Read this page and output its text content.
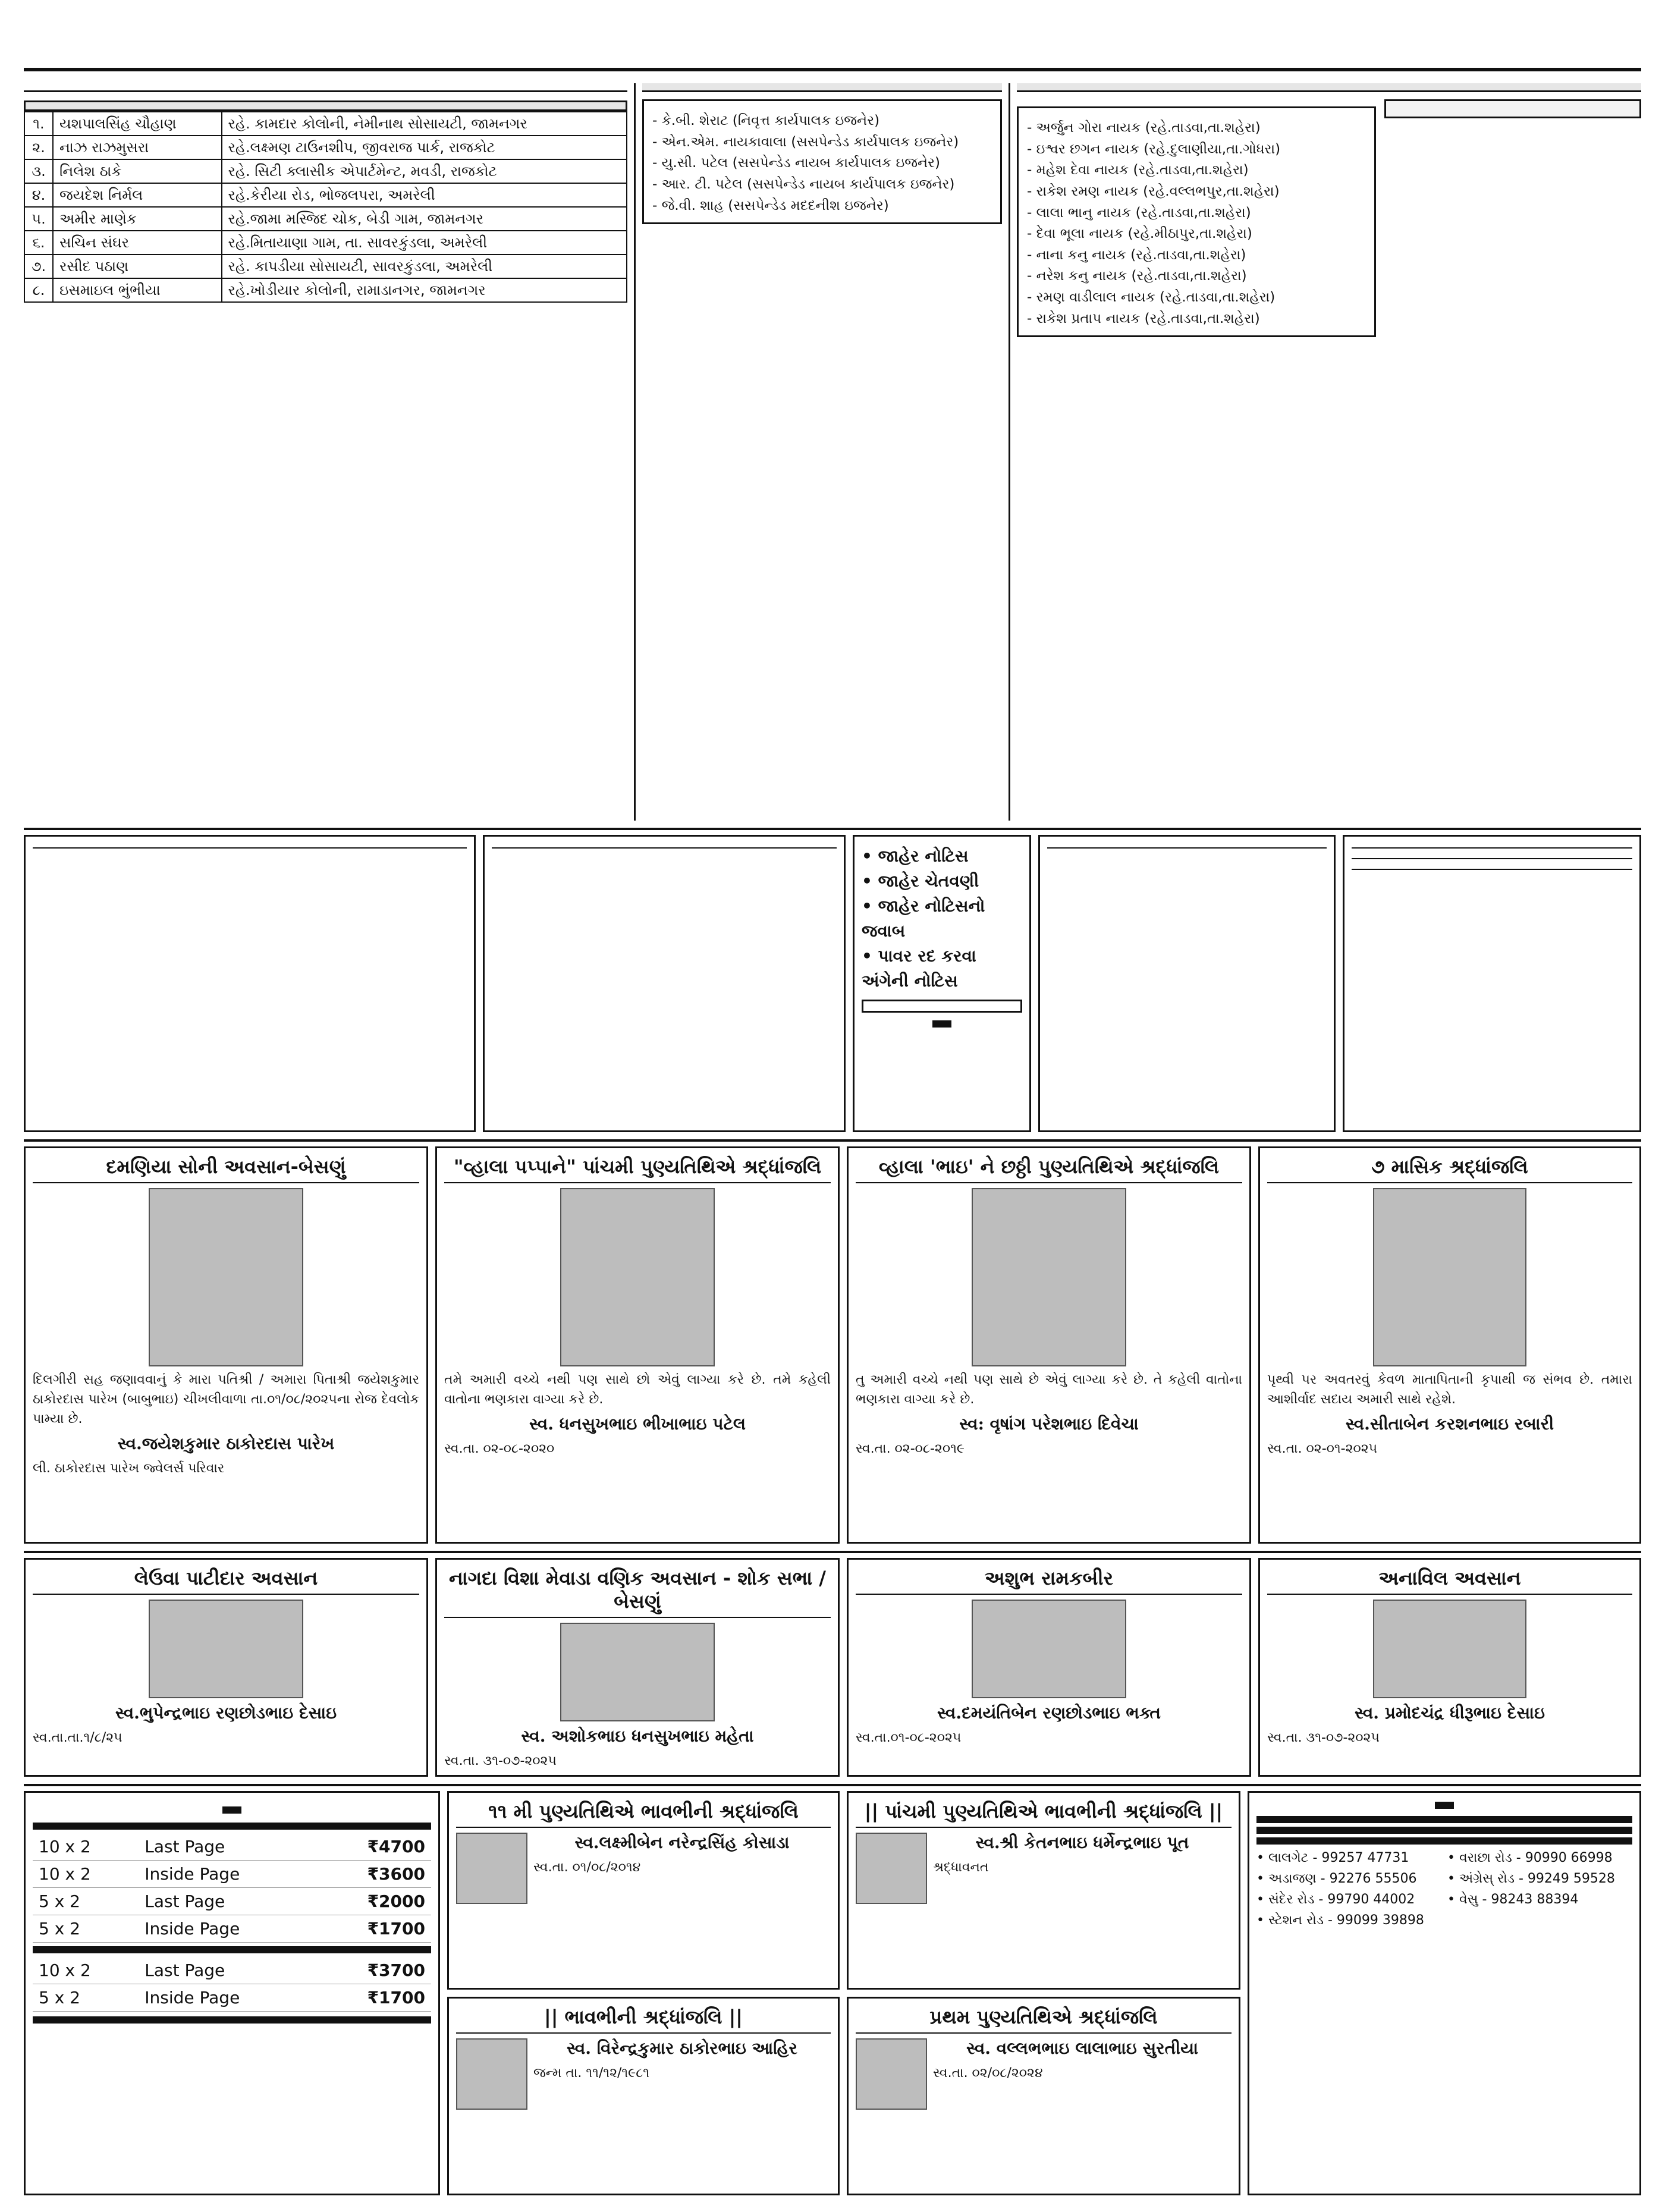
૧.	યશપાલસિંહ ચૌહાણ	રહે. કામદાર કોલોની, નેમીનાથ સોસાયટી, જામનગર
૨.	નાઝ રાઝમુસરા	રહે.લક્ષ્મણ ટાઉનશીપ, જીવરાજ પાર્ક, રાજકોટ
૩.	નિલેશ ઠાકે	રહે. સિટી ક્લાસીક એપાર્ટમેન્ટ, મવડી, રાજકોટ
૪.	જયદેશ નિર્મલ	રહે.કેરીયા રોડ, ભોજલપરા, અમરેલી
૫.	અમીર માણેક	રહે.જામા મસ્જિદ ચોક, બેડી ગામ, જામનગર
૬.	સચિન સંઘર	રહે.મિતાયાણા ગામ, તા. સાવરકુંડલા, અમરેલી
૭.	રસીદ પઠાણ	રહે. કાપડીયા સોસાયટી, સાવરકુંડલા, અમરેલી
૮.	ઇસમાઇલ ભુંભીયા	રહે.ખોડીયાર કોલોની, રામાડાનગર, જામનગર
- કે.બી. શેરાટ (નિવૃત્ત કાર્યપાલક ઇજનેર)
- એન.એમ. નાયકાવાલા (સસપેન્ડેડ કાર્યપાલક ઇજનેર)
- યુ.સી. પટેલ (સસપેન્ડેડ નાયબ કાર્યપાલક ઇજનેર)
- આર. ટી. પટેલ (સસપેન્ડેડ નાયબ કાર્યપાલક ઇજનેર)
- જે.વી. શાહ (સસપેન્ડેડ મદદનીશ ઇજનેર)
- અર્જુન ગોરા નાયક (રહે.તાડવા,તા.શહેરા)
- ઇશ્વર છગન નાયક (રહે.દુલાણીયા,તા.ગોધરા)
- મહેશ દેવા નાયક (રહે.તાડવા,તા.શહેરા)
- રાકેશ રમણ નાયક (રહે.વલ્લભપુર,તા.શહેરા)
- લાલા ભાનુ નાયક (રહે.તાડવા,તા.શહેરા)
- દેવા ભૂલા નાયક (રહે.મીઠાપુર,તા.શહેરા)
- નાના કનુ નાયક (રહે.તાડવા,તા.શહેરા)
- નરેશ કનુ નાયક (રહે.તાડવા,તા.શહેરા)
- રમણ વાડીલાલ નાયક (રહે.તાડવા,તા.શહેરા)
- રાકેશ પ્રતાપ નાયક (રહે.તાડવા,તા.શહેરા)
• જાહેર નોટિસ
• જાહેર ચેતવણી
• જાહેર નોટિસનો જવાબ
• પાવર રદ કરવા અંગેની નોટિસ
દમણિયા સોની અવસાન-બેસણું
દિલગીરી સહ જણાવવાનું કે મારા પતિશ્રી / અમારા પિતાશ્રી જયેશકુમાર ઠાકોરદાસ પારેખ (બાબુભાઇ) ચીખલીવાળા તા.૦૧/૦૮/૨૦૨૫ના રોજ દેવલોક પામ્યા છે.
સ્વ.જયેશકુમાર ઠાકોરદાસ પારેખ
લી. ઠાકોરદાસ પારેખ જ્વેલર્સ પરિવાર
"વ્હાલા પપ્પાને" પાંચમી પુણ્યતિથિએ શ્રદ્ધાંજલિ
તમે અમારી વચ્ચે નથી પણ સાથે છો એવું લાગ્યા કરે છે. તમે કહેલી વાતોના ભણકારા વાગ્યા કરે છે.
સ્વ. ધનસુખભાઇ ભીખાભાઇ પટેલ
સ્વ.તા. ૦૨-૦૮-૨૦૨૦
વ્હાલા 'ભાઇ' ને છઠ્ઠી પુણ્યતિથિએ શ્રદ્ધાંજલિ
તુ અમારી વચ્ચે નથી પણ સાથે છે એવું લાગ્યા કરે છે. તે કહેલી વાતોના ભણકારા વાગ્યા કરે છે.
સ્વ: વૃષાંગ પરેશભાઇ દિવેચા
સ્વ.તા. ૦૨-૦૮-૨૦૧૯
૭ માસિક શ્રદ્ધાંજલિ
પૃથ્વી પર અવતરવું કેવળ માતાપિતાની કૃપાથી જ સંભવ છે. તમારા આશીર્વાદ સદાય અમારી સાથે રહેશે.
સ્વ.સીતાબેન કરશનભાઇ રબારી
સ્વ.તા. ૦૨-૦૧-૨૦૨૫
લેઉવા પાટીદાર અવસાન
સ્વ.ભુપેન્દ્રભાઇ રણછોડભાઇ દેસાઇ
સ્વ.તા.તા.૧/૮/૨૫
નાગદા વિશા મેવાડા વણિક અવસાન - શોક સભા / બેસણું
સ્વ. અશોકભાઇ ધનસુખભાઇ મહેતા
સ્વ.તા. ૩૧-૦૭-૨૦૨૫
અશુભ રામકબીર
સ્વ.દમયંતિબેન રણછોડભાઇ ભક્ત
સ્વ.તા.૦૧-૦૮-૨૦૨૫
અનાવિલ અવસાન
સ્વ. પ્રમોદચંદ્ર ધીરૂભાઇ દેસાઇ
સ્વ.તા. ૩૧-૦૭-૨૦૨૫
10 x 2	Last Page	₹4700
10 x 2	Inside Page	₹3600
5 x 2	Last Page	₹2000
5 x 2	Inside Page	₹1700
10 x 2	Last Page	₹3700
5 x 2	Inside Page	₹1700
૧૧ મી પુણ્યતિથિએ ભાવભીની શ્રદ્ધાંજલિ
સ્વ.લક્ષ્મીબેન નરેન્દ્રસિંહ કોસાડા
સ્વ.તા. ૦૧/૦૮/૨૦૧૪
|| પાંચમી પુણ્યતિથિએ ભાવભીની શ્રદ્ધાંજલિ ||
સ્વ.શ્રી કેતનભાઇ ધર્મેન્દ્રભાઇ પૂત
શ્રદ્ધાવનત
|| ભાવભીની શ્રદ્ધાંજલિ ||
સ્વ. વિરેન્દ્રકુમાર ઠાકોરભાઇ આહિર
જન્મ તા. ૧૧/૧૨/૧૯૮૧
પ્રથમ પુણ્યતિથિએ શ્રદ્ધાંજલિ
સ્વ. વલ્લભભાઇ લાલાભાઇ સુરતીયા
સ્વ.તા. ૦૨/૦૮/૨૦૨૪
• લાલગેટ - 99257 47731	• વરાછા રોડ - 90990 66998
• અડાજણ - 92276 55506	• અંગ્રેસ્ રોડ - 99249 59528
• સંદેર રોડ - 99790 44002	• વેસુ - 98243 88394
• સ્ટેશન રોડ - 99099 39898
